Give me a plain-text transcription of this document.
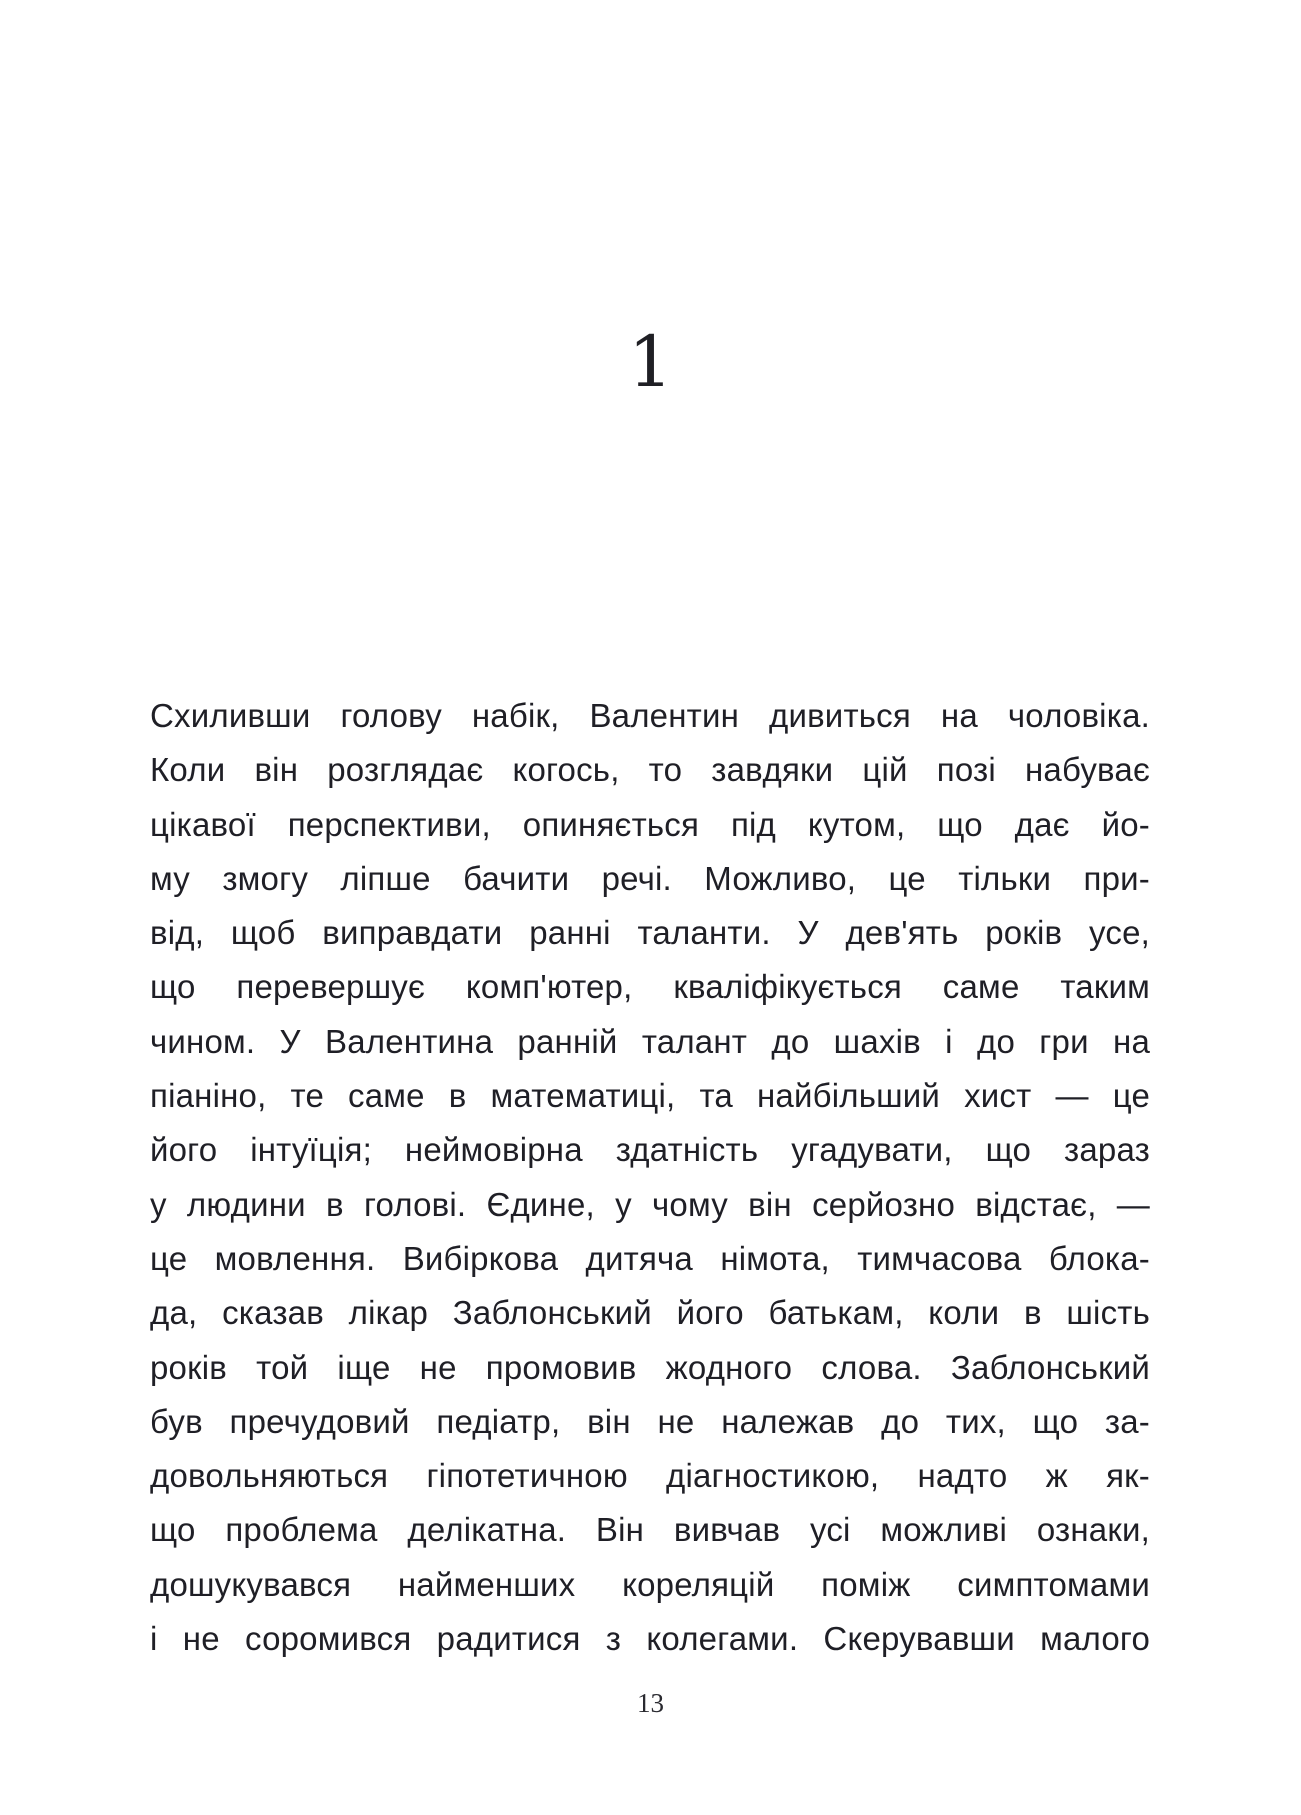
1
Схиливши голову набік, Валентин дивиться на чоловіка.
Коли він розглядає когось, то завдяки цій позі набуває
цікавої перспективи, опиняється під кутом, що дає йо-
му змогу ліпше бачити речі. Можливо, це тільки при-
від, щоб виправдати ранні таланти. У дев'ять років усе,
що перевершує комп'ютер, кваліфікується саме таким
чином. У Валентина ранній талант до шахів і до гри на
піаніно, те саме в математиці, та найбільший хист — це
його інтуїція; неймовірна здатність угадувати, що зараз
у людини в голові. Єдине, у чому він серйозно відстає, —
це мовлення. Вибіркова дитяча німота, тимчасова блока-
да, сказав лікар Заблонський його батькам, коли в шість
років той іще не промовив жодного слова. Заблонський
був пречудовий педіатр, він не належав до тих, що за-
довольняються гіпотетичною діагностикою, надто ж як-
що проблема делікатна. Він вивчав усі можливі ознаки,
дошукувався найменших кореляцій поміж симптомами
і не соромився радитися з колегами. Скерувавши малого
13
